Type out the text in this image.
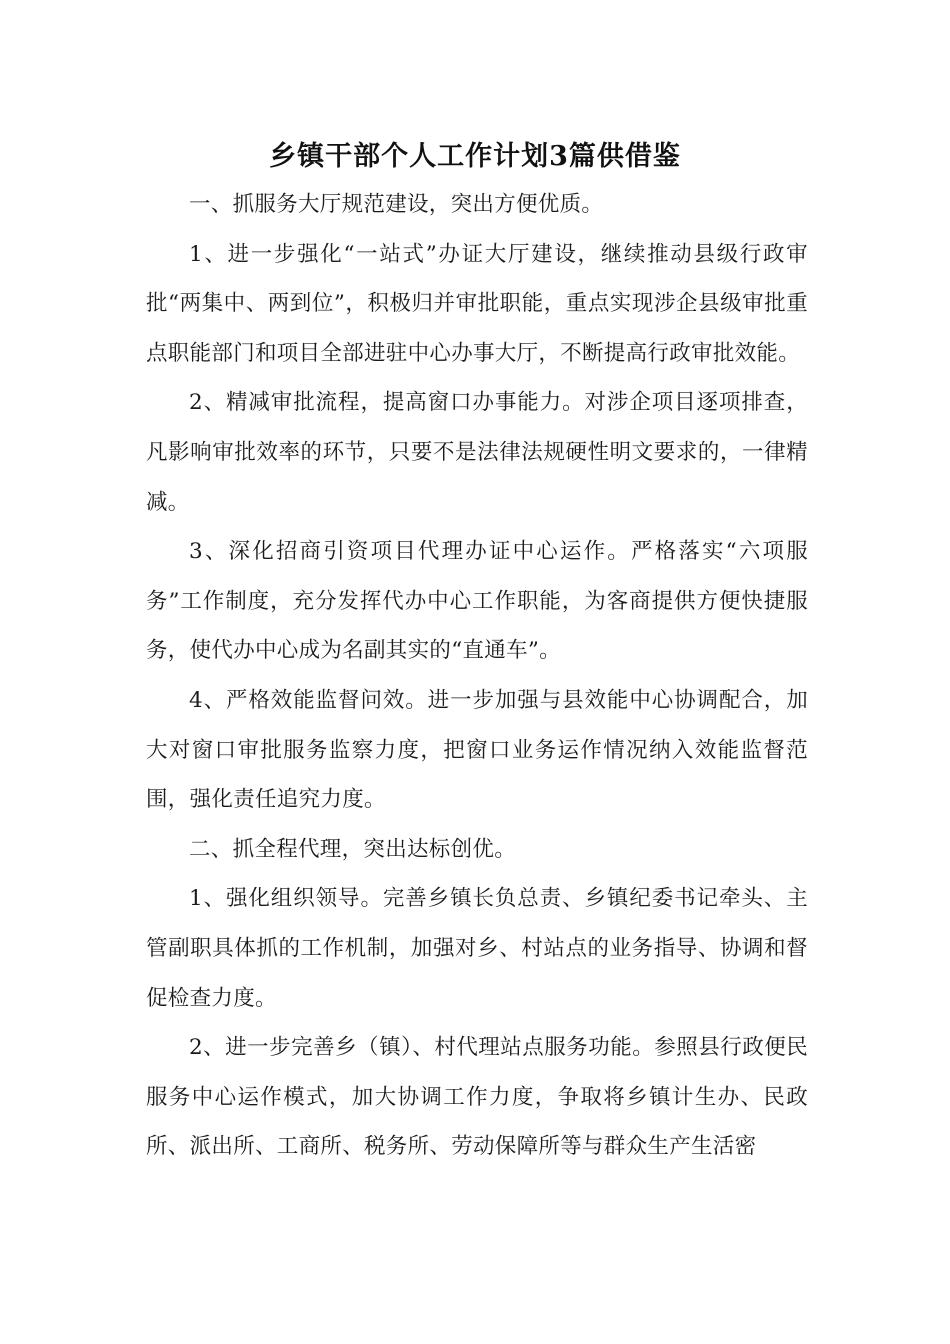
乡镇干部个人工作计划3篇供借鉴

一、抓服务大厅规范建设，突出方便优质。

1、进一步强化“一站式”办证大厅建设，继续推动县级行政审批“两集中、两到位”，积极归并审批职能，重点实现涉企县级审批重点职能部门和项目全部进驻中心办事大厅，不断提高行政审批效能。

2、精减审批流程，提高窗口办事能力。对涉企项目逐项排查，凡影响审批效率的环节，只要不是法律法规硬性明文要求的，一律精减。

3、深化招商引资项目代理办证中心运作。严格落实“六项服务”工作制度，充分发挥代办中心工作职能，为客商提供方便快捷服务，使代办中心成为名副其实的“直通车”。

4、严格效能监督问效。进一步加强与县效能中心协调配合，加大对窗口审批服务监察力度，把窗口业务运作情况纳入效能监督范围，强化责任追究力度。

二、抓全程代理，突出达标创优。

1、强化组织领导。完善乡镇长负总责、乡镇纪委书记牵头、主管副职具体抓的工作机制，加强对乡、村站点的业务指导、协调和督促检查力度。

2、进一步完善乡（镇）、村代理站点服务功能。参照县行政便民服务中心运作模式，加大协调工作力度，争取将乡镇计生办、民政所、派出所、工商所、税务所、劳动保障所等与群众生产生活密
